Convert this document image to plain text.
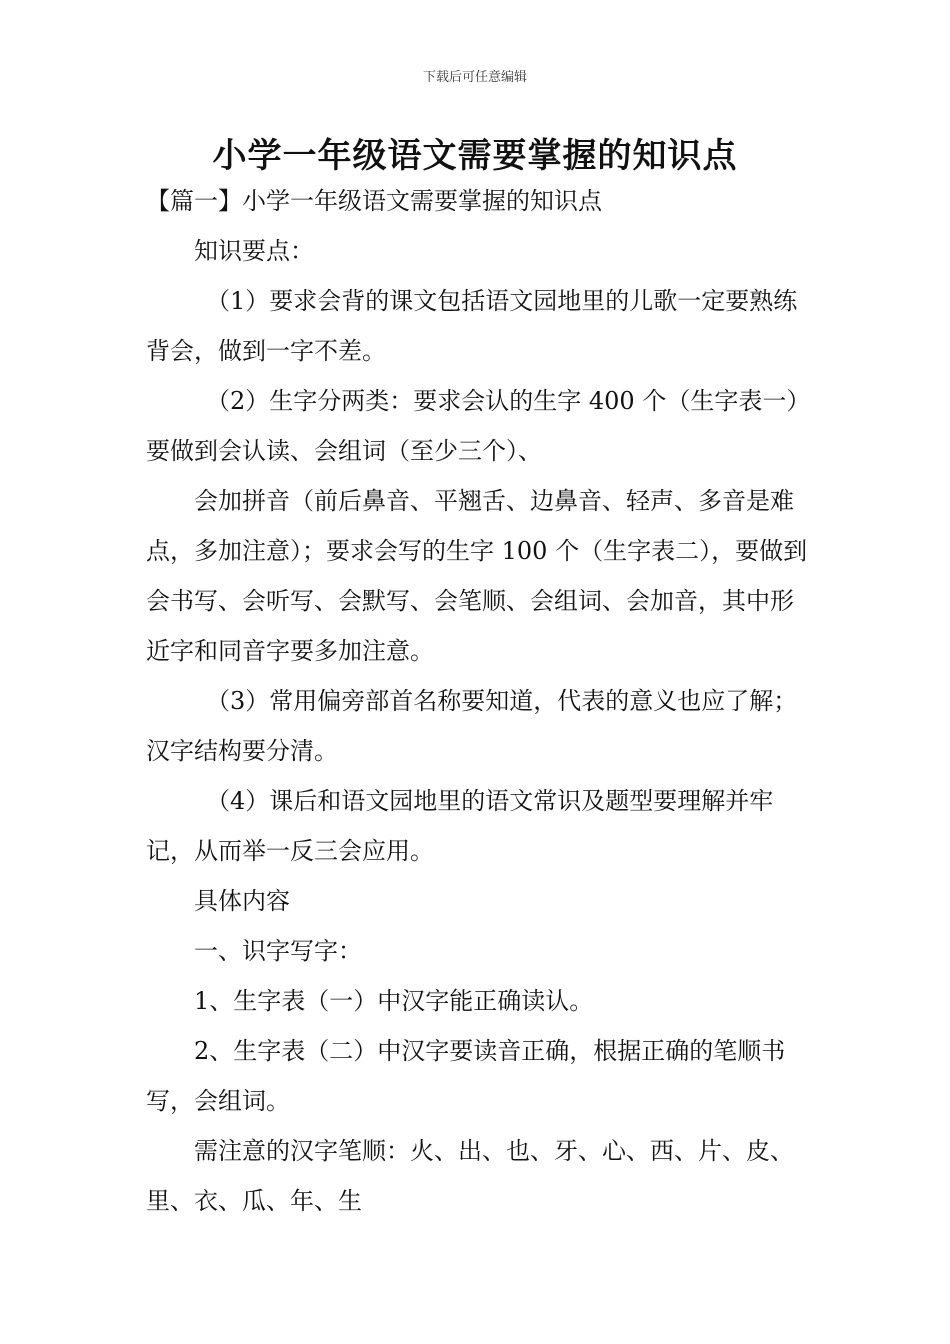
下载后可任意编辑
小学一年级语文需要掌握的知识点

【篇一】小学一年级语文需要掌握的知识点

知识要点：

（1）要求会背的课文包括语文园地里的儿歌一定要熟练背会，做到一字不差。

（2）生字分两类：要求会认的生字 400 个（生字表一）要做到会认读、会组词（至少三个）、

会加拼音（前后鼻音、平翘舌、边鼻音、轻声、多音是难点，多加注意）；要求会写的生字 100 个（生字表二），要做到会书写、会听写、会默写、会笔顺、会组词、会加音，其中形近字和同音字要多加注意。

（3）常用偏旁部首名称要知道，代表的意义也应了解；汉字结构要分清。

（4）课后和语文园地里的语文常识及题型要理解并牢记，从而举一反三会应用。

具体内容

一、识字写字：

1、生字表（一）中汉字能正确读认。

2、生字表（二）中汉字要读音正确，根据正确的笔顺书写，会组词。

需注意的汉字笔顺：火、出、也、牙、心、西、片、皮、里、衣、瓜、年、生
